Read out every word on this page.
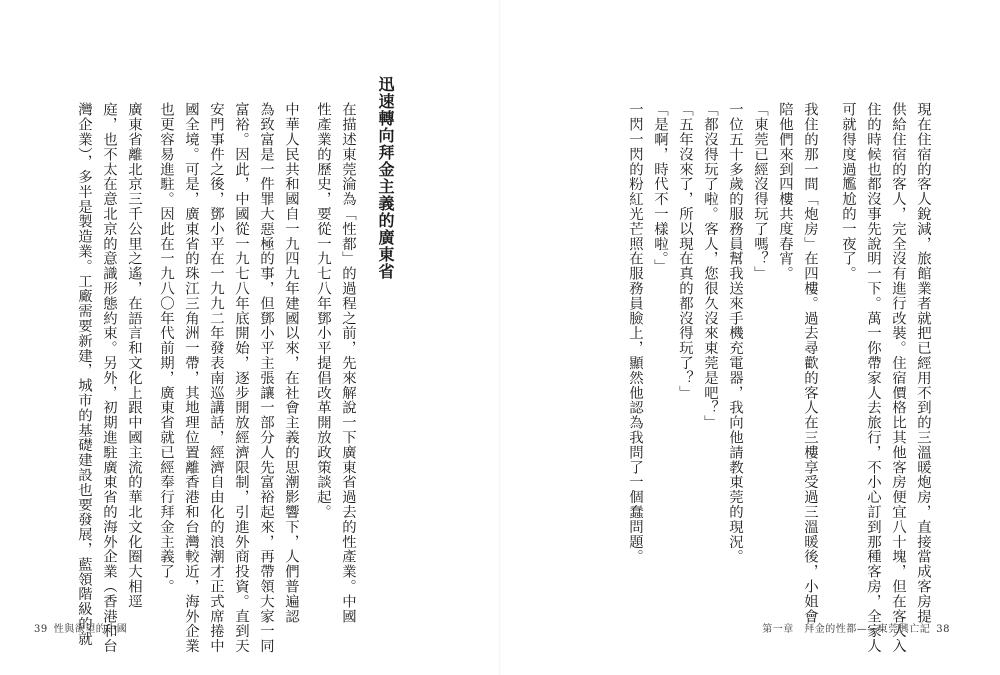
迅速轉向拜金主義的廣東省
在描述東莞淪為「性都」的過程之前，先來解說一下廣東省過去的性產業。中國
性產業的歷史，要從一九七八年鄧小平提倡改革開放政策談起。
中華人民共和國自一九四九年建國以來，在社會主義的思潮影響下，人們普遍認
為致富是一件罪大惡極的事，但鄧小平主張讓一部分人先富裕起來，再帶領大家一同
富裕。因此，中國從一九七八年底開始，逐步開放經濟限制，引進外商投資。直到天
安門事件之後，鄧小平在一九九二年發表南巡講話，經濟自由化的浪潮才正式席捲中
國全境。可是，廣東省的珠江三角洲一帶，其地理位置離香港和台灣較近，海外企業
也更容易進駐。因此在一九八〇年代前期，廣東省就已經奉行拜金主義了。
廣東省離北京三千公里之遙，在語言和文化上跟中國主流的華北文化圈大相逕
庭，也不太在意北京的意識形態約束。另外，初期進駐廣東省的海外企業（香港和台
灣企業），多半是製造業。工廠需要新建，城市的基礎建設也要發展，藍領階級的就
39 性與欲望的中國
現在住宿的客人銳減，旅館業者就把已經用不到的三溫暖炮房，直接當成客房提
供給住宿的客人，完全沒有進行改裝。住宿價格比其他客房便宜八十塊，但在客人入
住的時候也都沒事先說明一下。萬一你帶家人去旅行，不小心訂到那種客房，全家人
可就得度過尷尬的一夜了。
我住的那一間「炮房」在四樓。過去尋歡的客人在三樓享受過三溫暖後，小姐會
陪他們來到四樓共度春宵。
「東莞已經沒得玩了嗎？」
一位五十多歲的服務員幫我送來手機充電器，我向他請教東莞的現況。
「都沒得玩了啦。客人，您很久沒來東莞是吧？」
「五年沒來了，所以現在真的都沒得玩了？」
「是啊，時代不一樣啦。」
一閃一閃的粉紅光芒照在服務員臉上，顯然他認為我問了一個蠢問題。
第一章　拜金的性都——東莞興亡記 38
